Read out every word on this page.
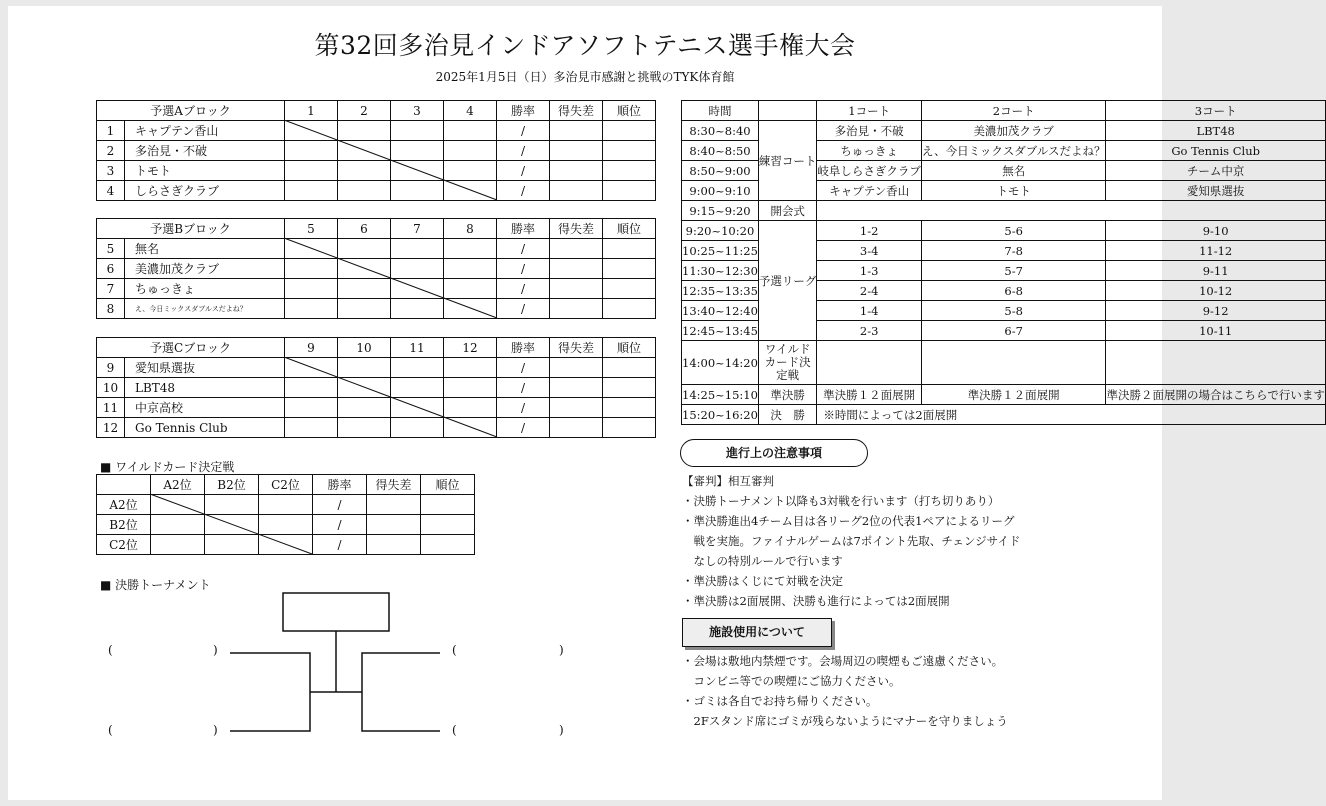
第32回多治見インドアソフトテニス選手権大会
2025年1月5日（日）多治見市感謝と挑戦のTYK体育館
予選Aブロック		1	2	3	4	勝率	得失差	順位
1	キャプテン香山					/		
2	多治見・不破					/		
3	トモト					/		
4	しらさぎクラブ					/		
予選Bブロック		5	6	7	8	勝率	得失差	順位
5	無名					/		
6	美濃加茂クラブ					/		
7	ちゅっきょ					/		
8	え、今日ミックスダブルスだよね？					/		
予選Cブロック		9	10	11	12	勝率	得失差	順位
9	愛知県選抜					/		
10	LBT48					/		
11	中京高校					/		
12	Go Tennis Club					/		
■ ワイルドカード決定戦
	A2位	B2位	C2位	勝率	得失差	順位
A2位				/		
B2位				/		
C2位				/		
■ 決勝トーナメント
(	)
(	)
(	)
(	)
時間		1コート	2コート	3コート
8:30~8:40	練習コート	多治見・不破	美濃加茂クラブ	LBT48
8:40~8:50		ちゅっきょ	え、今日ミックスダブルスだよね？	Go Tennis Club
8:50~9:00		岐阜しらさぎクラブ	無名	チーム中京
9:00~9:10		キャプテン香山	トモト	愛知県選抜
9:15~9:20	開会式			
9:20~10:20	予選リーグ	1-2	5-6	9-10
10:25~11:25		3-4	7-8	11-12
11:30~12:30		1-3	5-7	9-11
12:35~13:35		2-4	6-8	10-12
13:40~12:40		1-4	5-8	9-12
12:45~13:45		2-3	6-7	10-11
14:00~14:20	ワイルドカード決定戦			
14:25~15:10	準決勝	準決勝１２面展開	準決勝１２面展開	準決勝２面展開の場合はこちらで行います
15:20~16:20	決　勝	※時間によっては2面展開		
進行上の注意事項
【審判】相互審判
・決勝トーナメント以降も3対戦を行います（打ち切りあり）
・準決勝進出4チーム目は各リーグ2位の代表1ペアによるリーグ
　戦を実施。ファイナルゲームは7ポイント先取、チェンジサイド
　なしの特別ルールで行います
・準決勝はくじにて対戦を決定
・準決勝は2面展開、決勝も進行によっては2面展開
施設使用について
・会場は敷地内禁煙です。会場周辺の喫煙もご遠慮ください。
　コンビニ等での喫煙にご協力ください。
・ゴミは各自でお持ち帰りください。
　2Fスタンド席にゴミが残らないようにマナーを守りましょう
